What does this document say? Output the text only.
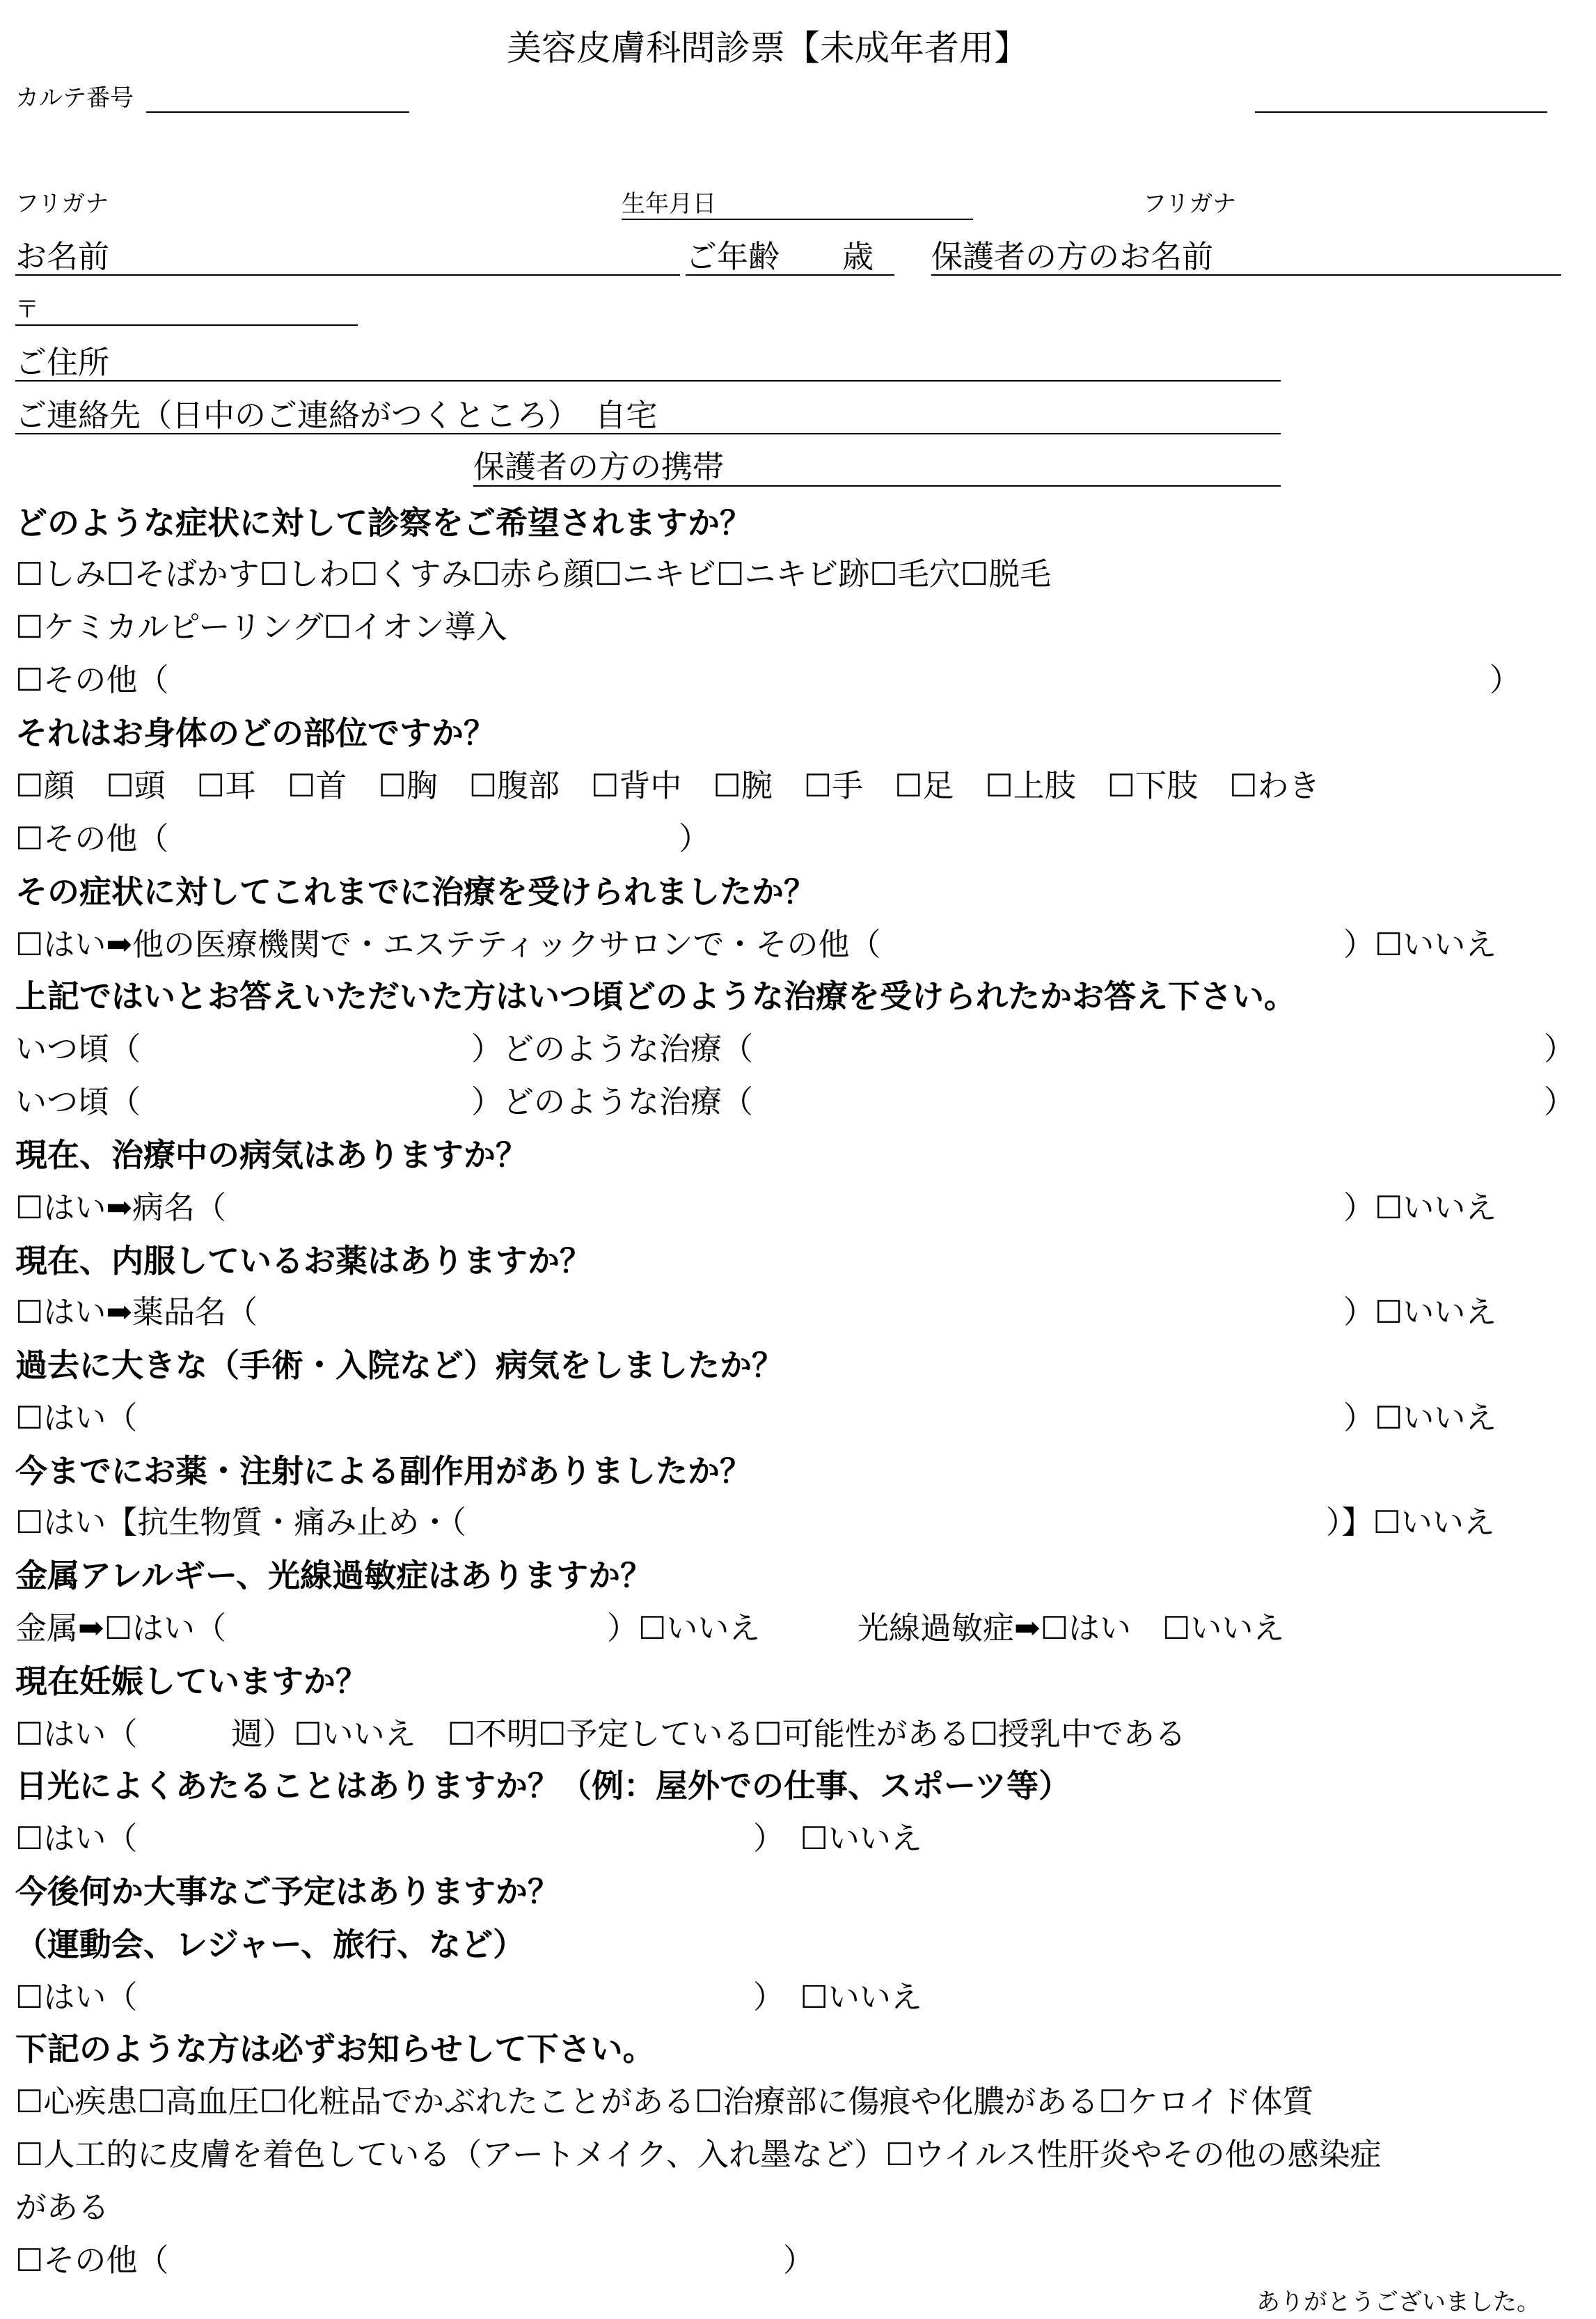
美容皮膚科問診票【未成年者用】
カルテ番号
フリガナ	生年月日	フリガナ
お名前	ご年齢　　歳 保護者の方のお名前
〒
ご住所
ご連絡先（日中のご連絡がつくところ）　自宅
保護者の方の携帯
どのような症状に対して診察をご希望されますか？
☐しみ☐そばかす☐しわ☐くすみ☐赤ら顔☐ニキビ☐ニキビ跡☐毛穴☐脱毛
☐ケミカルピーリング☐イオン導入
☐その他（	）
それはお身体のどの部位ですか？
☐顔　☐頭　☐耳　☐首　☐胸　☐腹部　☐背中　☐腕　☐手　☐足　☐上肢　☐下肢　☐わき
☐その他（	）
その症状に対してこれまでに治療を受けられましたか？
☐はい➡他の医療機関で・エステティックサロンで・その他（	）☐いいえ
上記ではいとお答えいただいた方はいつ頃どのような治療を受けられたかお答え下さい。
いつ頃（	）どのような治療（	）
いつ頃（	）どのような治療（	）
現在、治療中の病気はありますか？
☐はい➡病名（	）☐いいえ
現在、内服しているお薬はありますか？
☐はい➡薬品名（	）☐いいえ
過去に大きな（手術・入院など）病気をしましたか？
☐はい（	）☐いいえ
今までにお薬・注射による副作用がありましたか？
☐はい【抗生物質・痛み止め・（	）】☐いいえ
金属アレルギー、光線過敏症はありますか？
金属➡☐はい（	）☐いいえ	光線過敏症➡☐はい　☐いいえ
現在妊娠していますか？
☐はい（　　　週）☐いいえ　☐不明☐予定している☐可能性がある☐授乳中である
日光によくあたることはありますか？（例：屋外での仕事、スポーツ等）
☐はい（	）　☐いいえ
今後何か大事なご予定はありますか？
（運動会、レジャー、旅行、など）
☐はい（	）　☐いいえ
下記のような方は必ずお知らせして下さい。
☐心疾患☐高血圧☐化粧品でかぶれたことがある☐治療部に傷痕や化膿がある☐ケロイド体質
☐人工的に皮膚を着色している（アートメイク、入れ墨など）☐ウイルス性肝炎やその他の感染症
がある
☐その他（	）
ありがとうございました。
